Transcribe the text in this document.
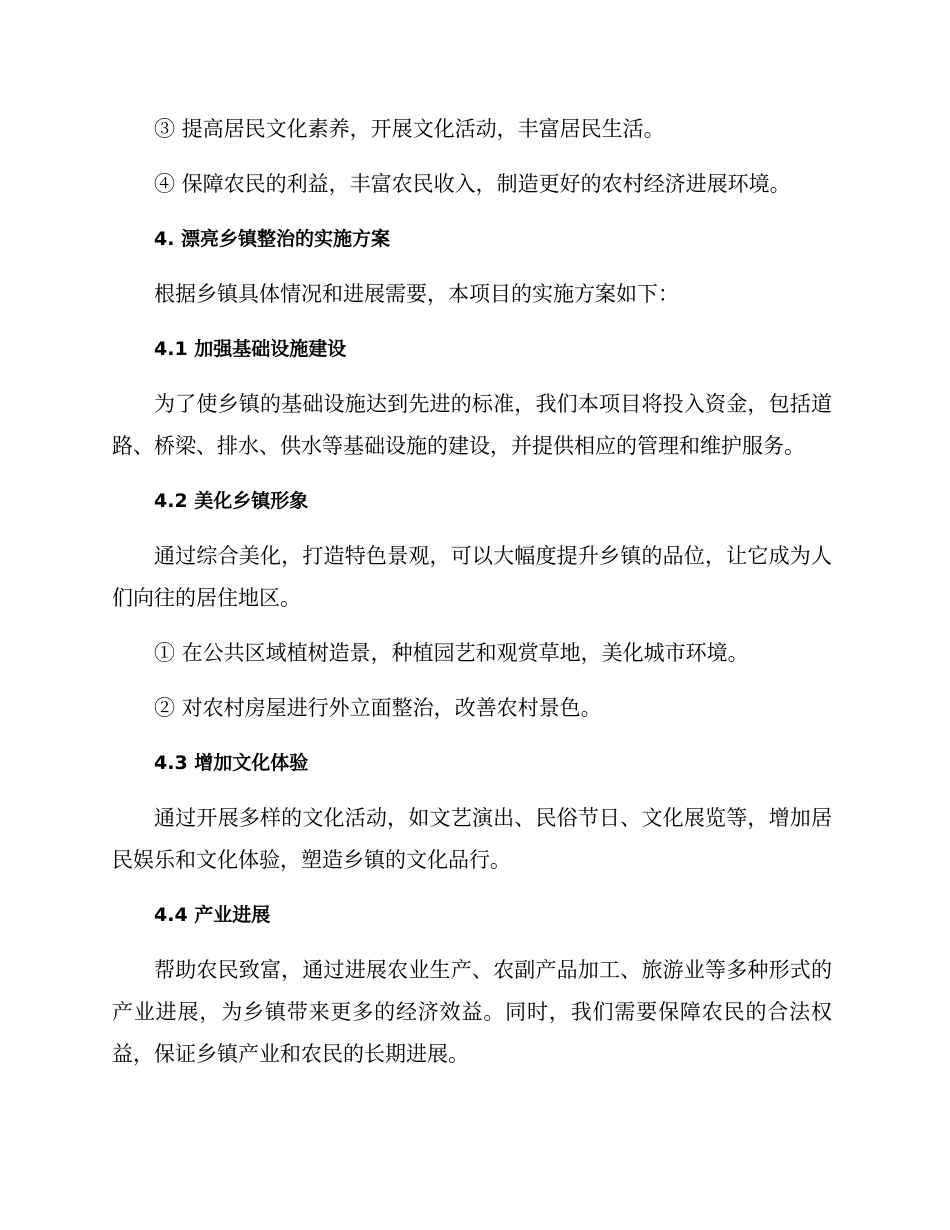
③ 提高居民文化素养，开展文化活动，丰富居民生活。

④ 保障农民的利益，丰富农民收入，制造更好的农村经济进展环境。

4. 漂亮乡镇整治的实施方案

根据乡镇具体情况和进展需要，本项目的实施方案如下：

4.1 加强基础设施建设

为了使乡镇的基础设施达到先进的标准，我们本项目将投入资金，包括道路、桥梁、排水、供水等基础设施的建设，并提供相应的管理和维护服务。

4.2 美化乡镇形象

通过综合美化，打造特色景观，可以大幅度提升乡镇的品位，让它成为人们向往的居住地区。

① 在公共区域植树造景，种植园艺和观赏草地，美化城市环境。

② 对农村房屋进行外立面整治，改善农村景色。

4.3 增加文化体验

通过开展多样的文化活动，如文艺演出、民俗节日、文化展览等，增加居民娱乐和文化体验，塑造乡镇的文化品行。

4.4 产业进展

帮助农民致富，通过进展农业生产、农副产品加工、旅游业等多种形式的产业进展，为乡镇带来更多的经济效益。同时，我们需要保障农民的合法权益，保证乡镇产业和农民的长期进展。
